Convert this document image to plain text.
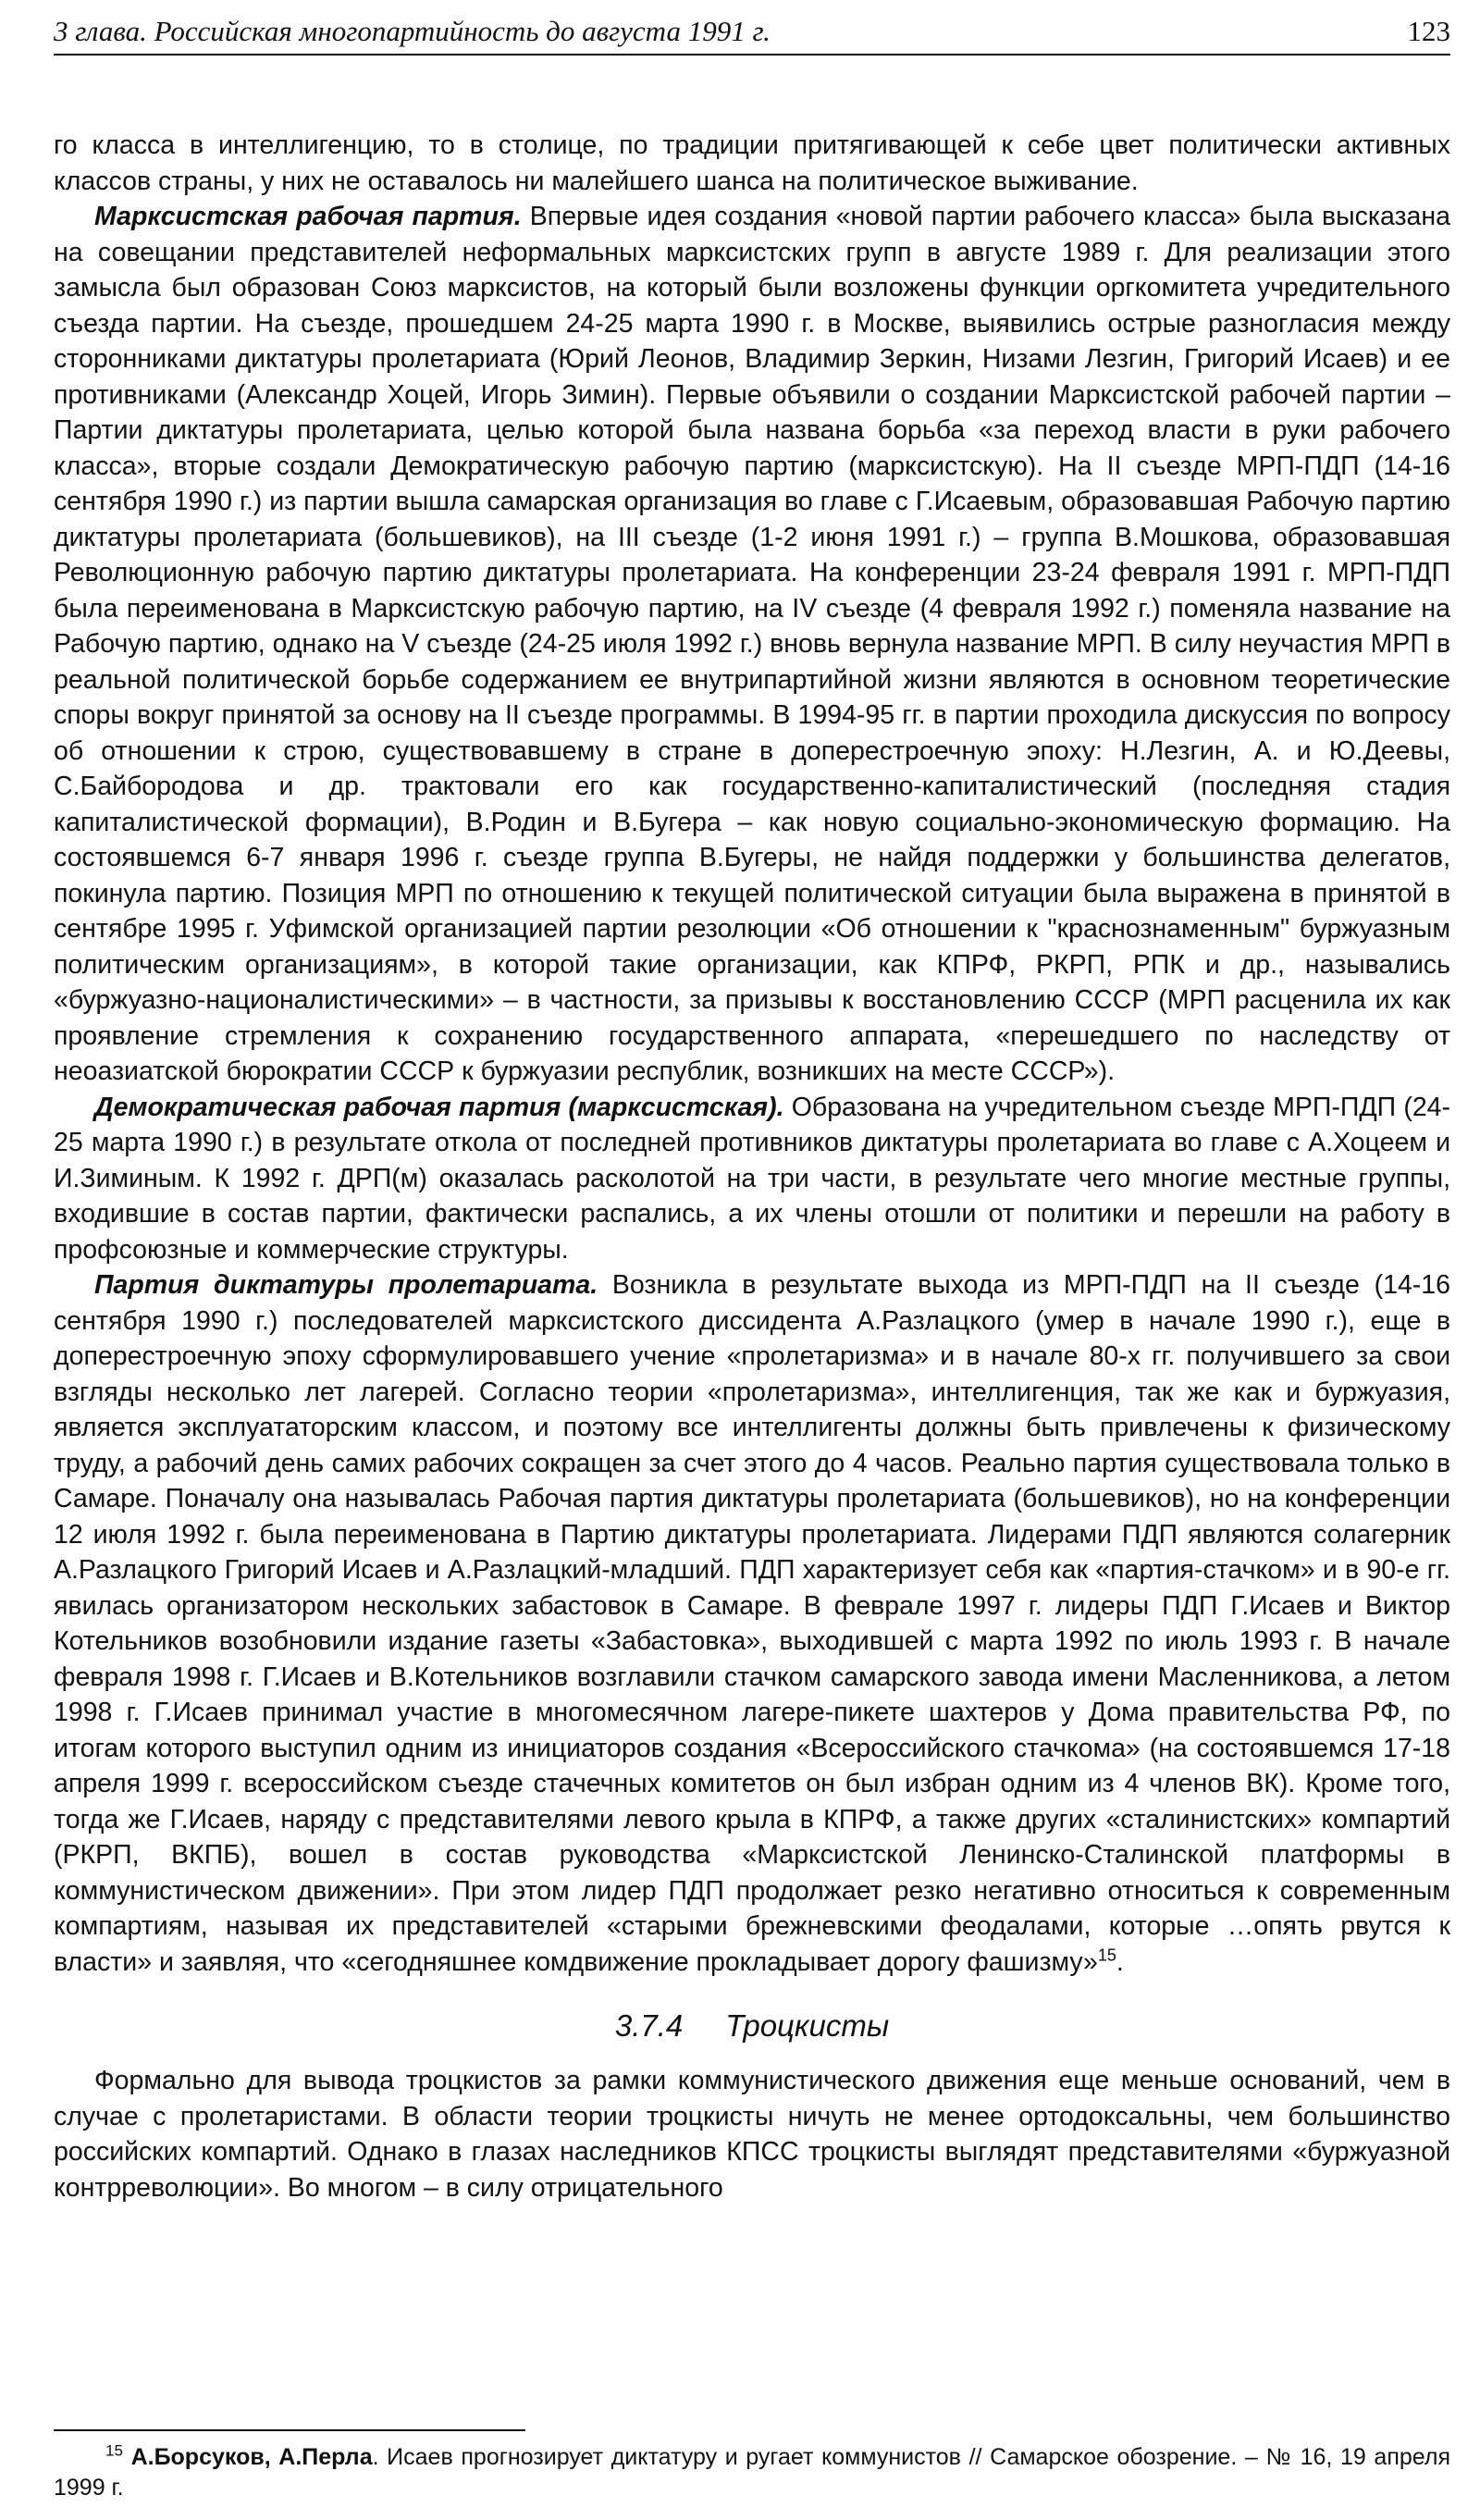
3 глава. Российская многопартийность до августа 1991 г.	123

го класса в интеллигенцию, то в столице, по традиции притягивающей к себе цвет политически активных классов страны, у них не оставалось ни малейшего шанса на политическое выживание.

Марксистская рабочая партия. Впервые идея создания «новой партии рабочего класса» была высказана на совещании представителей неформальных марксистских групп в августе 1989 г. Для реализации этого замысла был образован Союз марксистов, на который были возложены функции оргкомитета учредительного съезда партии. На съезде, прошедшем 24-25 марта 1990 г. в Москве, выявились острые разногласия между сторонниками диктатуры пролетариата (Юрий Леонов, Владимир Зеркин, Низами Лезгин, Григорий Исаев) и ее противниками (Александр Хоцей, Игорь Зимин). Первые объявили о создании Марксистской рабочей партии – Партии диктатуры пролетариата, целью которой была названа борьба «за переход власти в руки рабочего класса», вторые создали Демократическую рабочую партию (марксистскую). На II съезде МРП-ПДП (14-16 сентября 1990 г.) из партии вышла самарская организация во главе с Г.Исаевым, образовавшая Рабочую партию диктатуры пролетариата (большевиков), на III съезде (1-2 июня 1991 г.) – группа В.Мошкова, образовавшая Революционную рабочую партию диктатуры пролетариата. На конференции 23-24 февраля 1991 г. МРП-ПДП была переименована в Марксистскую рабочую партию, на IV съезде (4 февраля 1992 г.) поменяла название на Рабочую партию, однако на V съезде (24-25 июля 1992 г.) вновь вернула название МРП. В силу неучастия МРП в реальной политической борьбе содержанием ее внутрипартийной жизни являются в основном теоретические споры вокруг принятой за основу на II съезде программы. В 1994-95 гг. в партии проходила дискуссия по вопросу об отношении к строю, существовавшему в стране в доперестроечную эпоху: Н.Лезгин, А. и Ю.Деевы, С.Байбородова и др. трактовали его как государственно-капиталистический (последняя стадия капиталистической формации), В.Родин и В.Бугера – как новую социально-экономическую формацию. На состоявшемся 6-7 января 1996 г. съезде группа В.Бугеры, не найдя поддержки у большинства делегатов, покинула партию. Позиция МРП по отношению к текущей политической ситуации была выражена в принятой в сентябре 1995 г. Уфимской организацией партии резолюции «Об отношении к "краснознаменным" буржуазным политическим организациям», в которой такие организации, как КПРФ, РКРП, РПК и др., назывались «буржуазно-националистическими» – в частности, за призывы к восстановлению СССР (МРП расценила их как проявление стремления к сохранению государственного аппарата, «перешедшего по наследству от неоазиатской бюрократии СССР к буржуазии республик, возникших на месте СССР»).

Демократическая рабочая партия (марксистская). Образована на учредительном съезде МРП-ПДП (24-25 марта 1990 г.) в результате откола от последней противников диктатуры пролетариата во главе с А.Хоцеем и И.Зиминым. К 1992 г. ДРП(м) оказалась расколотой на три части, в результате чего многие местные группы, входившие в состав партии, фактически распались, а их члены отошли от политики и перешли на работу в профсоюзные и коммерческие структуры.

Партия диктатуры пролетариата. Возникла в результате выхода из МРП-ПДП на II съезде (14-16 сентября 1990 г.) последователей марксистского диссидента А.Разлацкого (умер в начале 1990 г.), еще в доперестроечную эпоху сформулировавшего учение «пролетаризма» и в начале 80-х гг. получившего за свои взгляды несколько лет лагерей. Согласно теории «пролетаризма», интеллигенция, так же как и буржуазия, является эксплуататорским классом, и поэтому все интеллигенты должны быть привлечены к физическому труду, а рабочий день самих рабочих сокращен за счет этого до 4 часов. Реально партия существовала только в Самаре. Поначалу она называлась Рабочая партия диктатуры пролетариата (большевиков), но на конференции 12 июля 1992 г. была переименована в Партию диктатуры пролетариата. Лидерами ПДП являются солагерник А.Разлацкого Григорий Исаев и А.Разлацкий-младший. ПДП характеризует себя как «партия-стачком» и в 90-е гг. явилась организатором нескольких забастовок в Самаре. В феврале 1997 г. лидеры ПДП Г.Исаев и Виктор Котельников возобновили издание газеты «Забастовка», выходившей с марта 1992 по июль 1993 г. В начале февраля 1998 г. Г.Исаев и В.Котельников возглавили стачком самарского завода имени Масленникова, а летом 1998 г. Г.Исаев принимал участие в многомесячном лагере-пикете шахтеров у Дома правительства РФ, по итогам которого выступил одним из инициаторов создания «Всероссийского стачкома» (на состоявшемся 17-18 апреля 1999 г. всероссийском съезде стачечных комитетов он был избран одним из 4 членов ВК). Кроме того, тогда же Г.Исаев, наряду с представителями левого крыла в КПРФ, а также других «сталинистских» компартий (РКРП, ВКПБ), вошел в состав руководства «Марксистской Ленинско-Сталинской платформы в коммунистическом движении». При этом лидер ПДП продолжает резко негативно относиться к современным компартиям, называя их представителей «старыми брежневскими феодалами, которые …опять рвутся к власти» и заявляя, что «сегодняшнее комдвижение прокладывает дорогу фашизму»$^{15}$.

3.7.4 Троцкисты

Формально для вывода троцкистов за рамки коммунистического движения еще меньше оснований, чем в случае с пролетаристами. В области теории троцкисты ничуть не менее ортодоксальны, чем большинство российских компартий. Однако в глазах наследников КПСС троцкисты выглядят представителями «буржуазной контрреволюции». Во многом – в силу отрицательного

$^{15}$ А.Борсуков, А.Перла. Исаев прогнозирует диктатуру и ругает коммунистов // Самарское обозрение. – № 16, 19 апреля 1999 г.
